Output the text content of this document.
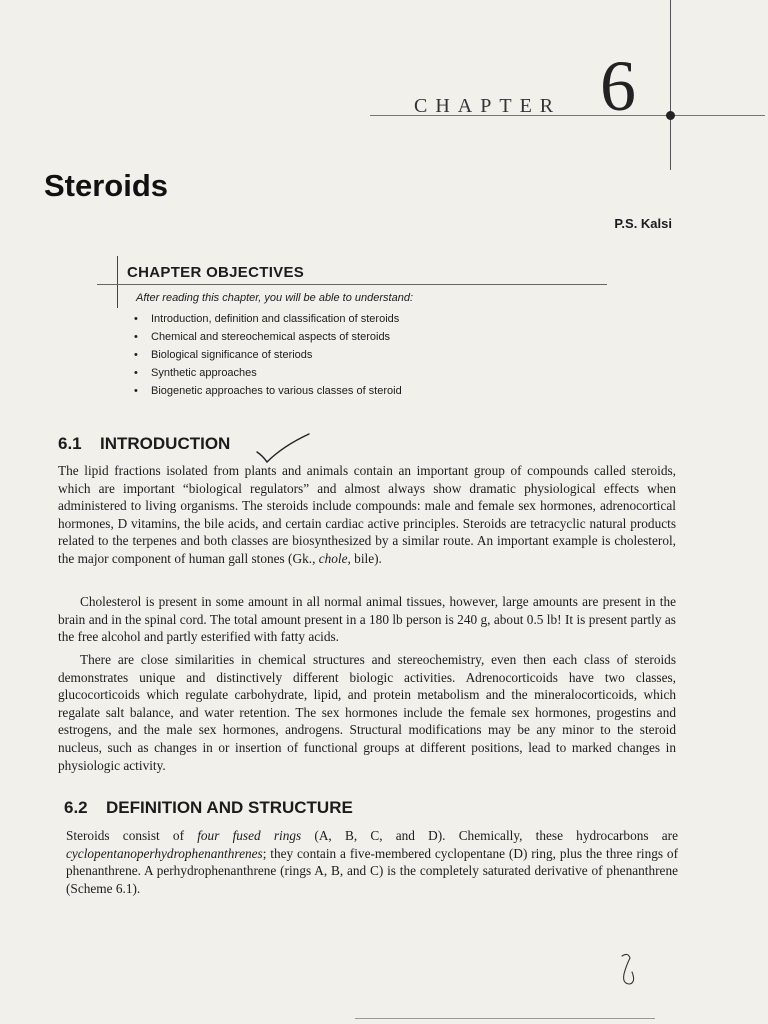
CHAPTER 6
Steroids
P.S. Kalsi
CHAPTER OBJECTIVES
After reading this chapter, you will be able to understand:
• Introduction, definition and classification of steroids
• Chemical and stereochemical aspects of steroids
• Biological significance of steriods
• Synthetic approaches
• Biogenetic approaches to various classes of steroid
6.1 INTRODUCTION
The lipid fractions isolated from plants and animals contain an important group of compounds called steroids, which are important “biological regulators” and almost always show dramatic physiological effects when administered to living organisms. The steroids include compounds: male and female sex hormones, adrenocortical hormones, D vitamins, the bile acids, and certain cardiac active principles. Steroids are tetracyclic natural products related to the terpenes and both classes are biosynthesized by a similar route. An important example is cholesterol, the major component of human gall stones (Gk., chole, bile).
Cholesterol is present in some amount in all normal animal tissues, however, large amounts are present in the brain and in the spinal cord. The total amount present in a 180 lb person is 240 g, about 0.5 lb! It is present partly as the free alcohol and partly esterified with fatty acids.
There are close similarities in chemical structures and stereochemistry, even then each class of steroids demonstrates unique and distinctively different biologic activities. Adrenocorticoids have two classes, glucocorticoids which regulate carbohydrate, lipid, and protein metabolism and the mineralocorticoids, which regalate salt balance, and water retention. The sex hormones include the female sex hormones, progestins and estrogens, and the male sex hormones, androgens. Structural modifications may be any minor to the steroid nucleus, such as changes in or insertion of functional groups at different positions, lead to marked changes in physiologic activity.
6.2 DEFINITION AND STRUCTURE
Steroids consist of four fused rings (A, B, C, and D). Chemically, these hydrocarbons are cyclopentanoperhydrophenanthrenes; they contain a five-membered cyclopentane (D) ring, plus the three rings of phenanthrene. A perhydrophenanthrene (rings A, B, and C) is the completely saturated derivative of phenanthrene (Scheme 6.1).
